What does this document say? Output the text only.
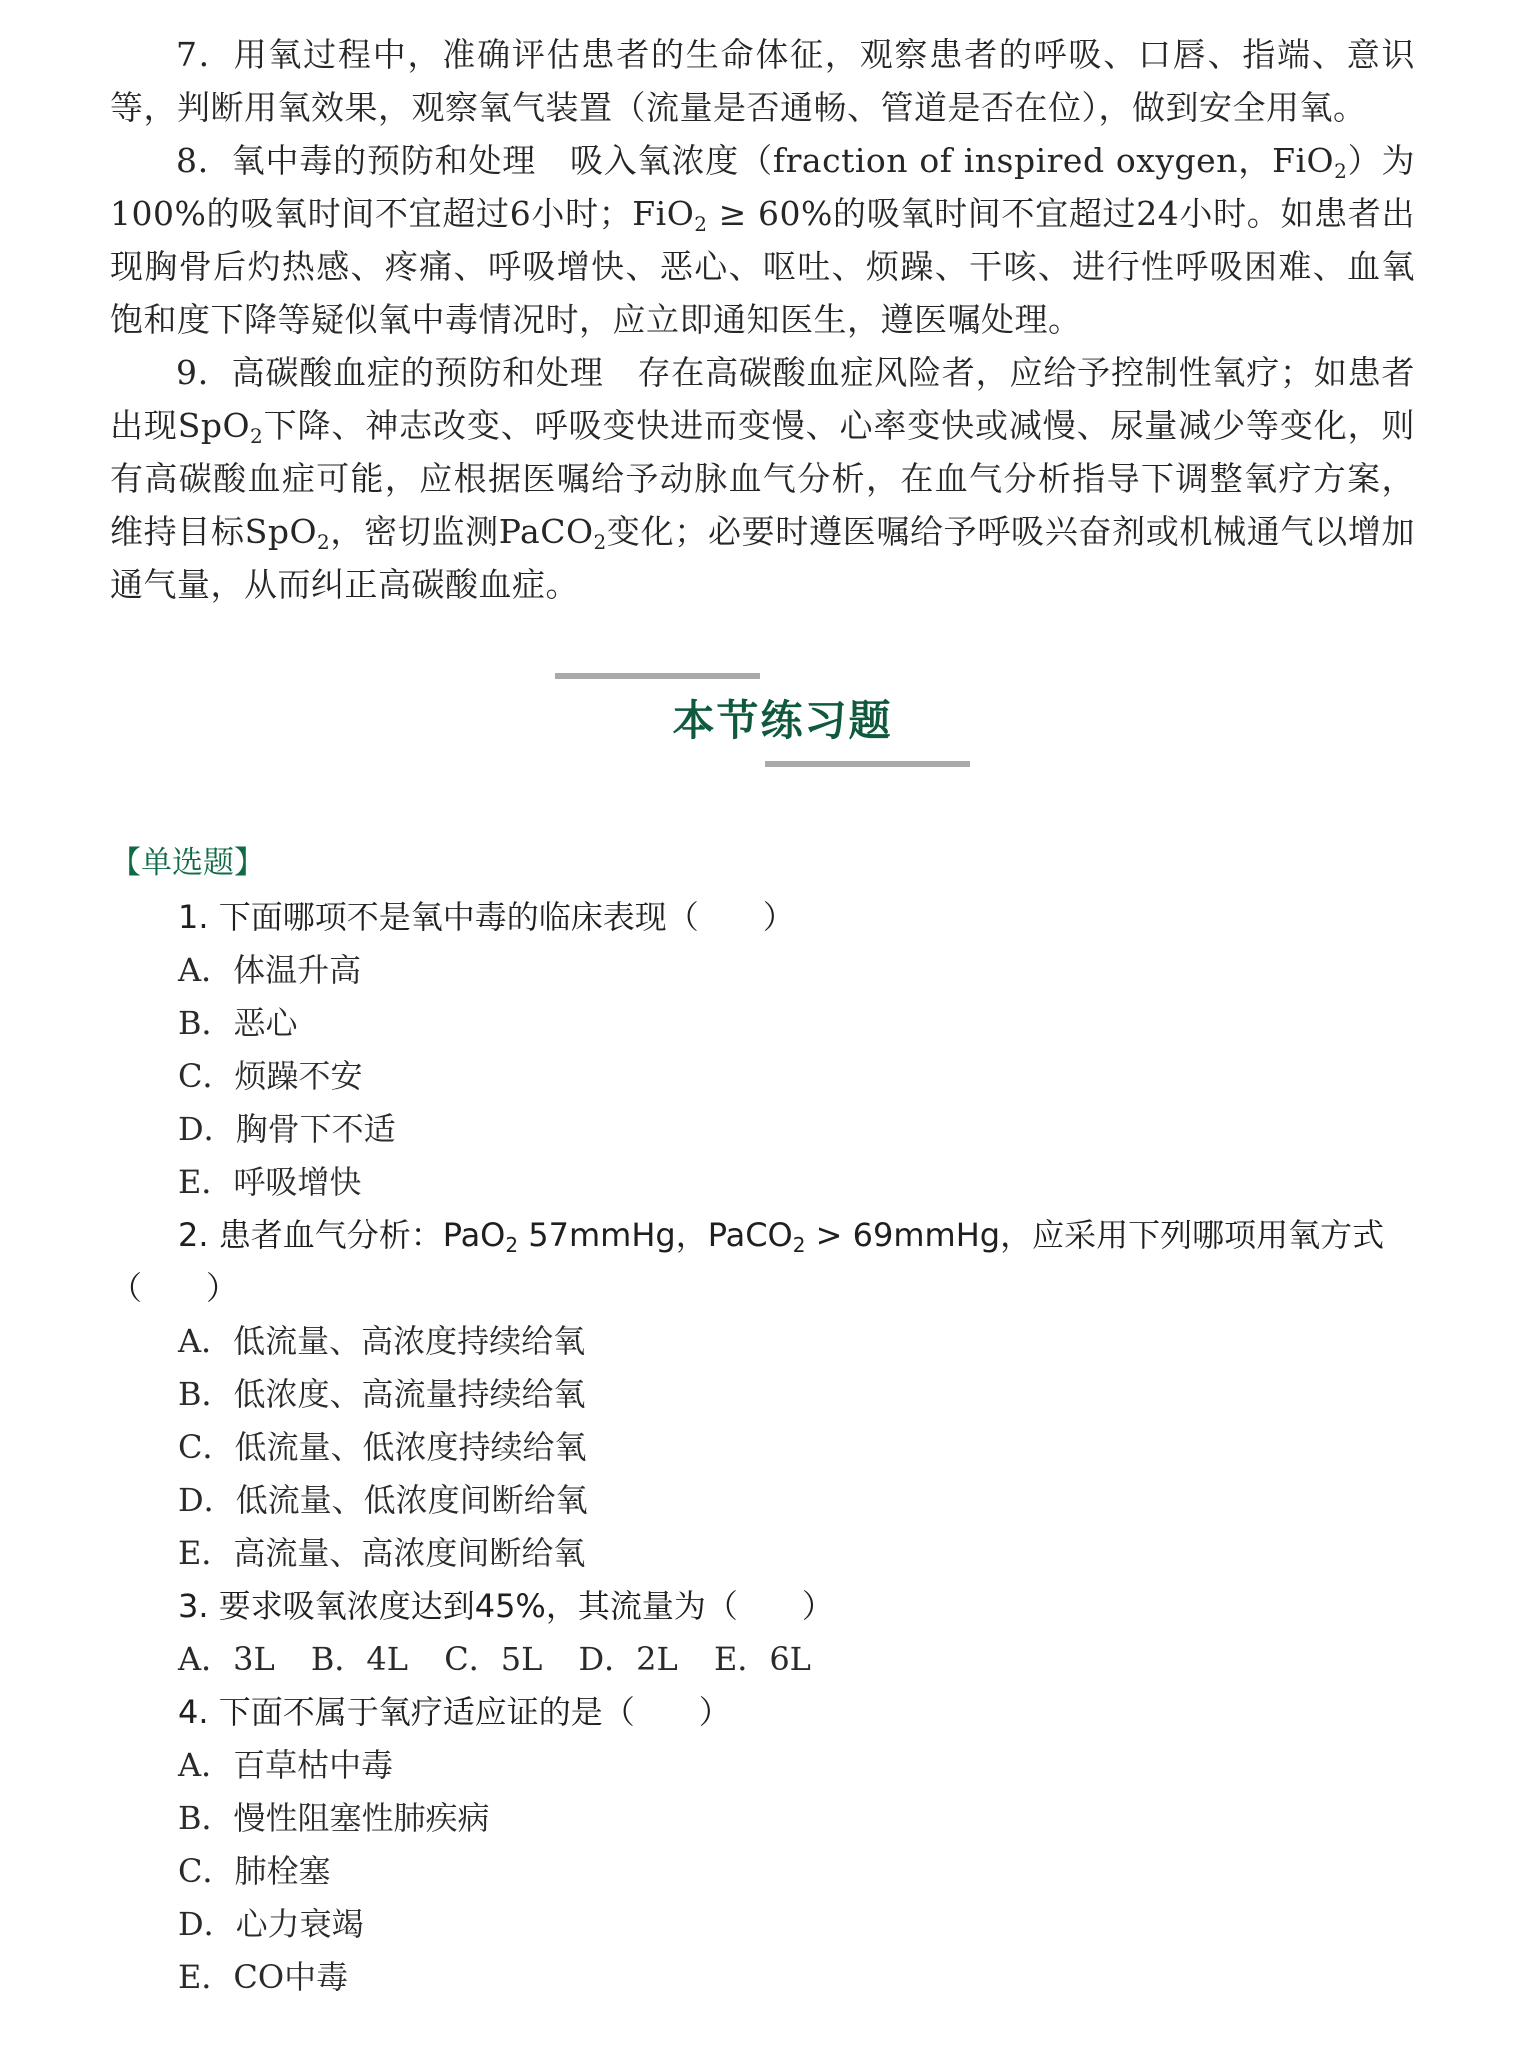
7．用氧过程中，准确评估患者的生命体征，观察患者的呼吸、口唇、指端、意识等，判断用氧效果，观察氧气装置（流量是否通畅、管道是否在位），做到安全用氧。

8．氧中毒的预防和处理　吸入氧浓度（fraction of inspired oxygen，FiO$_2$）为100%的吸氧时间不宜超过6小时；FiO$_2$ ≥ 60%的吸氧时间不宜超过24小时。如患者出现胸骨后灼热感、疼痛、呼吸增快、恶心、呕吐、烦躁、干咳、进行性呼吸困难、血氧饱和度下降等疑似氧中毒情况时，应立即通知医生，遵医嘱处理。

9．高碳酸血症的预防和处理　存在高碳酸血症风险者，应给予控制性氧疗；如患者出现SpO$_2$下降、神志改变、呼吸变快进而变慢、心率变快或减慢、尿量减少等变化，则有高碳酸血症可能，应根据医嘱给予动脉血气分析，在血气分析指导下调整氧疗方案，维持目标SpO$_2$，密切监测PaCO$_2$变化；必要时遵医嘱给予呼吸兴奋剂或机械通气以增加通气量，从而纠正高碳酸血症。

本节练习题
【单选题】

1. 下面哪项不是氧中毒的临床表现（　　）

A．体温升高

B．恶心

C．烦躁不安

D．胸骨下不适

E．呼吸增快

2. 患者血气分析：PaO$_2$ 57mmHg，PaCO$_2$ > 69mmHg，应采用下列哪项用氧方式（　　）

A．低流量、高浓度持续给氧

B．低浓度、高流量持续给氧

C．低流量、低浓度持续给氧

D．低流量、低浓度间断给氧

E．高流量、高浓度间断给氧

3. 要求吸氧浓度达到45%，其流量为（　　）

A．3L B．4L C．5L D．2L E．6L

4. 下面不属于氧疗适应证的是（　　）

A．百草枯中毒

B．慢性阻塞性肺疾病

C．肺栓塞

D．心力衰竭

E．CO中毒
